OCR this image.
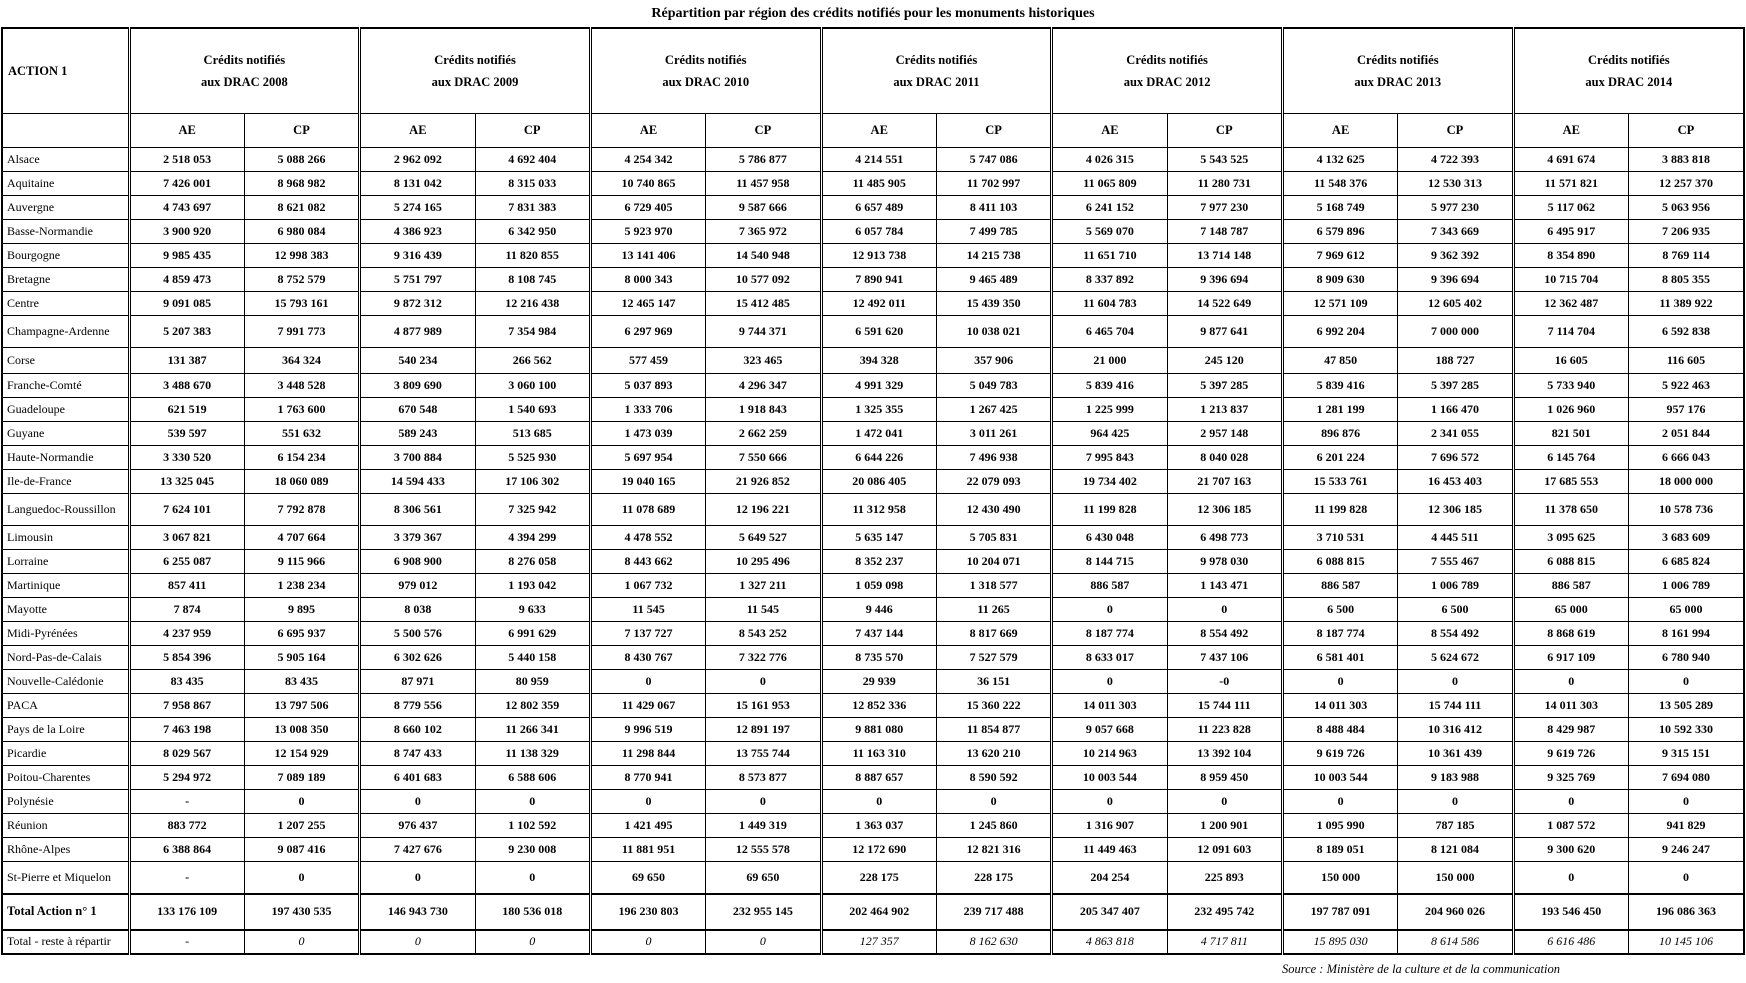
Répartition par région des crédits notifiés pour les monuments historiques
ACTION 1	
Crédits notifiés
aux DRAC 2008

Crédits notifiés
aux DRAC 2009

Crédits notifiés
aux DRAC 2010

Crédits notifiés
aux DRAC 2011

Crédits notifiés
aux DRAC 2012

Crédits notifiés
aux DRAC 2013

Crédits notifiés
aux DRAC 2014

	AE	CP	AE	CP	AE	CP	AE	CP	AE	CP	AE	CP	AE	CP
Alsace	2 518 053	5 088 266	2 962 092	4 692 404	4 254 342	5 786 877	4 214 551	5 747 086	4 026 315	5 543 525	4 132 625	4 722 393	4 691 674	3 883 818
Aquitaine	7 426 001	8 968 982	8 131 042	8 315 033	10 740 865	11 457 958	11 485 905	11 702 997	11 065 809	11 280 731	11 548 376	12 530 313	11 571 821	12 257 370
Auvergne	4 743 697	8 621 082	5 274 165	7 831 383	6 729 405	9 587 666	6 657 489	8 411 103	6 241 152	7 977 230	5 168 749	5 977 230	5 117 062	5 063 956
Basse-Normandie	3 900 920	6 980 084	4 386 923	6 342 950	5 923 970	7 365 972	6 057 784	7 499 785	5 569 070	7 148 787	6 579 896	7 343 669	6 495 917	7 206 935
Bourgogne	9 985 435	12 998 383	9 316 439	11 820 855	13 141 406	14 540 948	12 913 738	14 215 738	11 651 710	13 714 148	7 969 612	9 362 392	8 354 890	8 769 114
Bretagne	4 859 473	8 752 579	5 751 797	8 108 745	8 000 343	10 577 092	7 890 941	9 465 489	8 337 892	9 396 694	8 909 630	9 396 694	10 715 704	8 805 355
Centre	9 091 085	15 793 161	9 872 312	12 216 438	12 465 147	15 412 485	12 492 011	15 439 350	11 604 783	14 522 649	12 571 109	12 605 402	12 362 487	11 389 922
Champagne-Ardenne	5 207 383	7 991 773	4 877 989	7 354 984	6 297 969	9 744 371	6 591 620	10 038 021	6 465 704	9 877 641	6 992 204	7 000 000	7 114 704	6 592 838
Corse	131 387	364 324	540 234	266 562	577 459	323 465	394 328	357 906	21 000	245 120	47 850	188 727	16 605	116 605
Franche-Comté	3 488 670	3 448 528	3 809 690	3 060 100	5 037 893	4 296 347	4 991 329	5 049 783	5 839 416	5 397 285	5 839 416	5 397 285	5 733 940	5 922 463
Guadeloupe	621 519	1 763 600	670 548	1 540 693	1 333 706	1 918 843	1 325 355	1 267 425	1 225 999	1 213 837	1 281 199	1 166 470	1 026 960	957 176
Guyane	539 597	551 632	589 243	513 685	1 473 039	2 662 259	1 472 041	3 011 261	964 425	2 957 148	896 876	2 341 055	821 501	2 051 844
Haute-Normandie	3 330 520	6 154 234	3 700 884	5 525 930	5 697 954	7 550 666	6 644 226	7 496 938	7 995 843	8 040 028	6 201 224	7 696 572	6 145 764	6 666 043
Ile-de-France	13 325 045	18 060 089	14 594 433	17 106 302	19 040 165	21 926 852	20 086 405	22 079 093	19 734 402	21 707 163	15 533 761	16 453 403	17 685 553	18 000 000
Languedoc-Roussillon	7 624 101	7 792 878	8 306 561	7 325 942	11 078 689	12 196 221	11 312 958	12 430 490	11 199 828	12 306 185	11 199 828	12 306 185	11 378 650	10 578 736
Limousin	3 067 821	4 707 664	3 379 367	4 394 299	4 478 552	5 649 527	5 635 147	5 705 831	6 430 048	6 498 773	3 710 531	4 445 511	3 095 625	3 683 609
Lorraine	6 255 087	9 115 966	6 908 900	8 276 058	8 443 662	10 295 496	8 352 237	10 204 071	8 144 715	9 978 030	6 088 815	7 555 467	6 088 815	6 685 824
Martinique	857 411	1 238 234	979 012	1 193 042	1 067 732	1 327 211	1 059 098	1 318 577	886 587	1 143 471	886 587	1 006 789	886 587	1 006 789
Mayotte	7 874	9 895	8 038	9 633	11 545	11 545	9 446	11 265	0	0	6 500	6 500	65 000	65 000
Midi-Pyrénées	4 237 959	6 695 937	5 500 576	6 991 629	7 137 727	8 543 252	7 437 144	8 817 669	8 187 774	8 554 492	8 187 774	8 554 492	8 868 619	8 161 994
Nord-Pas-de-Calais	5 854 396	5 905 164	6 302 626	5 440 158	8 430 767	7 322 776	8 735 570	7 527 579	8 633 017	7 437 106	6 581 401	5 624 672	6 917 109	6 780 940
Nouvelle-Calédonie	83 435	83 435	87 971	80 959	0	0	29 939	36 151	0	-0	0	0	0	0
PACA	7 958 867	13 797 506	8 779 556	12 802 359	11 429 067	15 161 953	12 852 336	15 360 222	14 011 303	15 744 111	14 011 303	15 744 111	14 011 303	13 505 289
Pays de la Loire	7 463 198	13 008 350	8 660 102	11 266 341	9 996 519	12 891 197	9 881 080	11 854 877	9 057 668	11 223 828	8 488 484	10 316 412	8 429 987	10 592 330
Picardie	8 029 567	12 154 929	8 747 433	11 138 329	11 298 844	13 755 744	11 163 310	13 620 210	10 214 963	13 392 104	9 619 726	10 361 439	9 619 726	9 315 151
Poitou-Charentes	5 294 972	7 089 189	6 401 683	6 588 606	8 770 941	8 573 877	8 887 657	8 590 592	10 003 544	8 959 450	10 003 544	9 183 988	9 325 769	7 694 080
Polynésie	-	0	0	0	0	0	0	0	0	0	0	0	0	0
Réunion	883 772	1 207 255	976 437	1 102 592	1 421 495	1 449 319	1 363 037	1 245 860	1 316 907	1 200 901	1 095 990	787 185	1 087 572	941 829
Rhône-Alpes	6 388 864	9 087 416	7 427 676	9 230 008	11 881 951	12 555 578	12 172 690	12 821 316	11 449 463	12 091 603	8 189 051	8 121 084	9 300 620	9 246 247
St-Pierre et Miquelon	-	0	0	0	69 650	69 650	228 175	228 175	204 254	225 893	150 000	150 000	0	0
Total Action n° 1	133 176 109	197 430 535	146 943 730	180 536 018	196 230 803	232 955 145	202 464 902	239 717 488	205 347 407	232 495 742	197 787 091	204 960 026	193 546 450	196 086 363
Total - reste à répartir	-	0	0	0	0	0	127 357	8 162 630	4 863 818	4 717 811	15 895 030	8 614 586	6 616 486	10 145 106
Source : Ministère de la culture et de la communication
